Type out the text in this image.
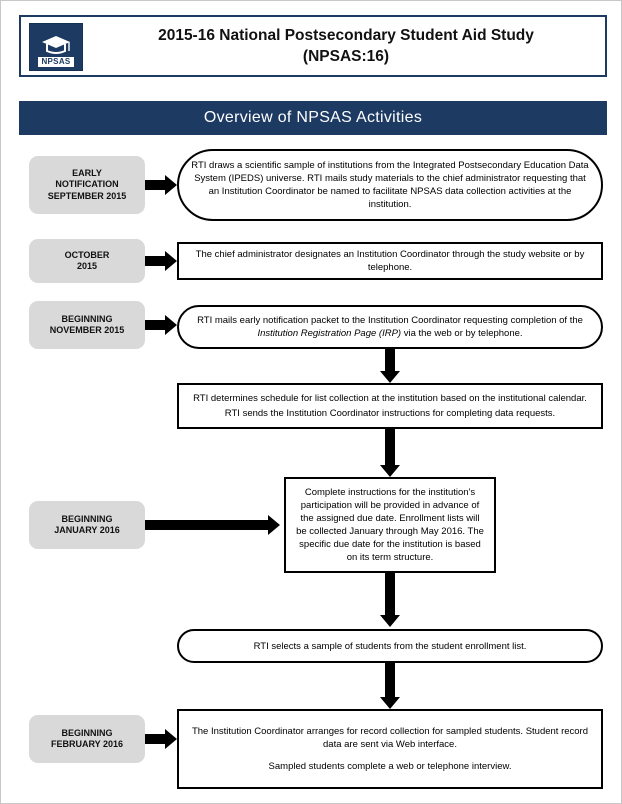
NPSAS
2015-16 National Postsecondary Student Aid Study
(NPSAS:16)
Overview of NPSAS Activities
EARLY
NOTIFICATION
SEPTEMBER 2015

RTI draws a scientific sample of institutions from the Integrated Postsecondary Education Data System (IPEDS) universe. RTI mails study materials to the chief administrator requesting that an Institution Coordinator be named to facilitate NPSAS data collection activities at the institution.

OCTOBER
2015

The chief administrator designates an Institution Coordinator through the study website or by telephone.

BEGINNING
NOVEMBER 2015

RTI mails early notification packet to the Institution Coordinator requesting completion of the Institution Registration Page (IRP) via the web or by telephone.

RTI determines schedule for list collection at the institution based on the institutional calendar.

RTI sends the Institution Coordinator instructions for completing data requests.

BEGINNING
JANUARY 2016

Complete instructions for the institution's participation will be provided in advance of the assigned due date. Enrollment lists will be collected January through May 2016. The specific due date for the institution is based on its term structure.

RTI selects a sample of students from the student enrollment list.

BEGINNING
FEBRUARY 2016

The Institution Coordinator arranges for record collection for sampled students. Student record data are sent via Web interface.

Sampled students complete a web or telephone interview.
